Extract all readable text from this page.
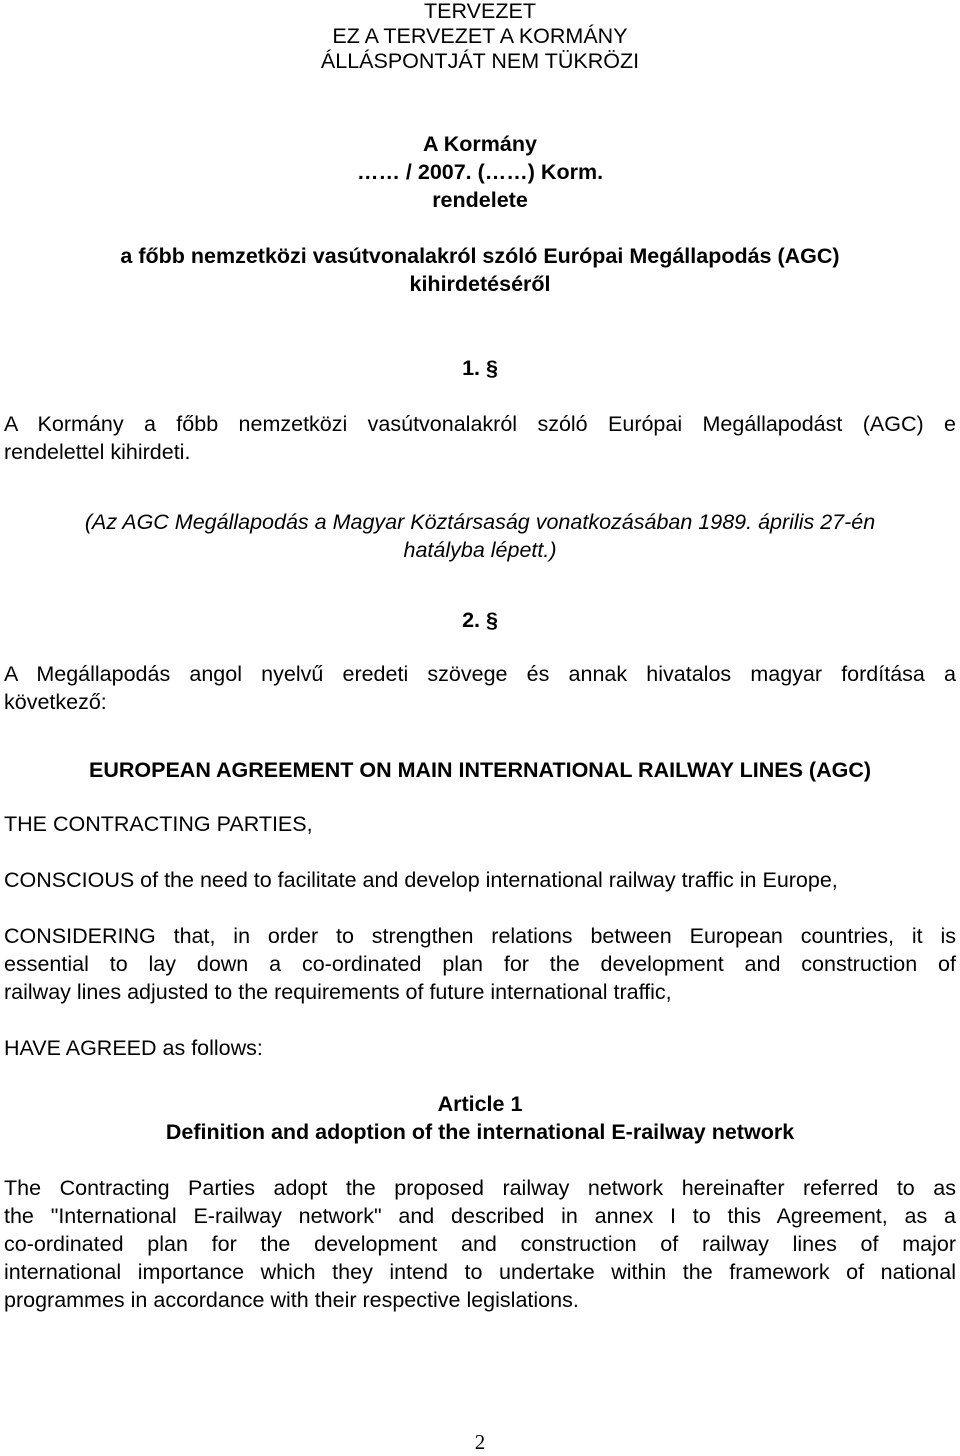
TERVEZET
EZ A TERVEZET A KORMÁNY
ÁLLÁSPONTJÁT NEM TÜKRÖZI
A Kormány
…… / 2007. (……) Korm.
rendelete
a főbb nemzetközi vasútvonalakról szóló Európai Megállapodás (AGC)
kihirdetéséről
1. §
A Kormány a főbb nemzetközi vasútvonalakról szóló Európai Megállapodást (AGC) e
rendelettel kihirdeti.
(Az AGC Megállapodás a Magyar Köztársaság vonatkozásában 1989. április 27-én
hatályba lépett.)
2. §
A Megállapodás angol nyelvű eredeti szövege és annak hivatalos magyar fordítása a
következő:
EUROPEAN AGREEMENT ON MAIN INTERNATIONAL RAILWAY LINES (AGC)
THE CONTRACTING PARTIES,
CONSCIOUS of the need to facilitate and develop international railway traffic in Europe,
CONSIDERING that, in order to strengthen relations between European countries, it is
essential to lay down a co-ordinated plan for the development and construction of
railway lines adjusted to the requirements of future international traffic,
HAVE AGREED as follows:
Article 1
Definition and adoption of the international E-railway network
The Contracting Parties adopt the proposed railway network hereinafter referred to as
the "International E-railway network" and described in annex I to this Agreement, as a
co-ordinated plan for the development and construction of railway lines of major
international importance which they intend to undertake within the framework of national
programmes in accordance with their respective legislations.
2
